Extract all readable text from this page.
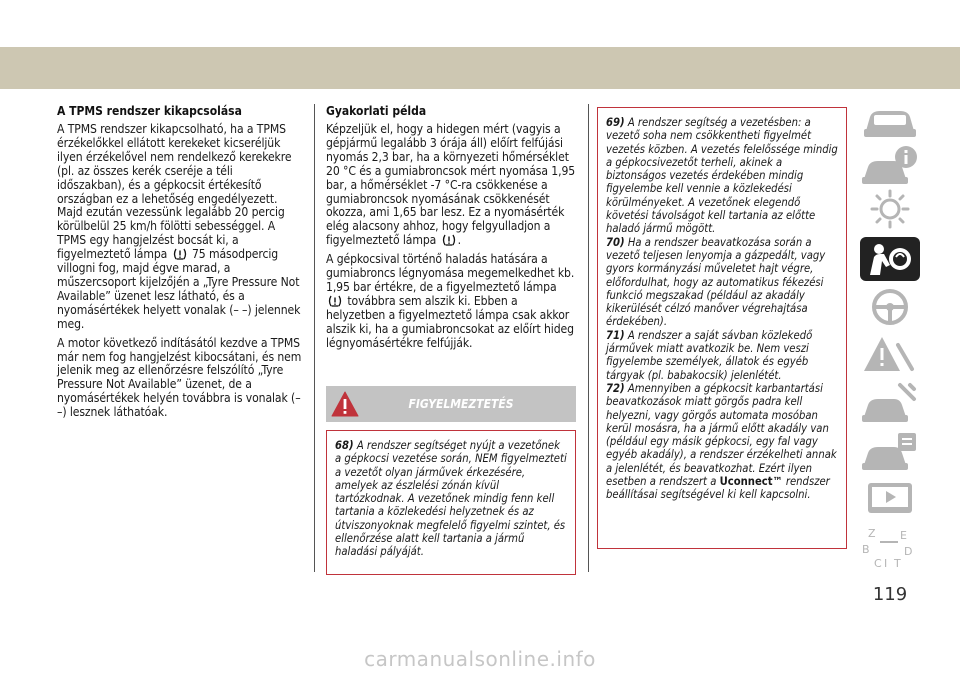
A TPMS rendszer kikapcsolása

A TPMS rendszer kikapcsolható, ha a TPMS érzékelőkkel ellátott kerekeket kicseréljük ilyen érzékelővel nem rendelkező kerekekre (pl. az összes kerék cseréje a téli időszakban), és a gépkocsit értékesítő országban ez a lehetőség engedélyezett. Majd ezután vezessünk legalább 20 percig körülbelül 25 km/h fölötti sebességgel. A TPMS egy hangjelzést bocsát ki, a figyelmeztető lámpa 75 másodpercig villogni fog, majd égve marad, a műszercsoport kijelzőjén a „Tyre Pressure Not Available” üzenet lesz látható, és a nyomásértékek helyett vonalak (– –) jelennek meg.

A motor következő indításától kezdve a TPMS már nem fog hangjelzést kibocsátani, és nem jelenik meg az ellenőrzésre felszólító „Tyre Pressure Not Available” üzenet, de a nyomásértékek helyén továbbra is vonalak (– –) lesznek láthatóak.

Gyakorlati példa

Képzeljük el, hogy a hidegen mért (vagyis a gépjármű legalább 3 órája áll) előírt felfújási nyomás 2,3 bar, ha a környezeti hőmérséklet 20 °C és a gumiabroncsok mért nyomása 1,95 bar, a hőmérséklet -7 °C-ra csökkenése a gumiabroncsok nyomásának csökkenését okozza, ami 1,65 bar lesz. Ez a nyomásérték elég alacsony ahhoz, hogy felgyulladjon a figyelmeztető lámpa .

A gépkocsival történő haladás hatására a gumiabroncs légnyomása megemelkedhet kb. 1,95 bar értékre, de a figyelmeztető lámpa  továbbra sem alszik ki. Ebben a helyzetben a figyelmeztető lámpa csak akkor alszik ki, ha a gumiabroncsokat az előírt hideg légnyomásértékre felfújják.

FIGYELMEZTETÉS

68) A rendszer segítséget nyújt a vezetőnek a gépkocsi vezetése során, NEM figyelmezteti a vezetőt olyan járművek érkezésére, amelyek az észlelési zónán kívül tartózkodnak. A vezetőnek mindig fenn kell tartania a közlekedési helyzetnek és az útviszonyoknak megfelelő figyelmi szintet, és ellenőrzése alatt kell tartania a jármű haladási pályáját.

69) A rendszer segítség a vezetésben: a vezető soha nem csökkentheti figyelmét vezetés közben. A vezetés felelőssége mindig a gépkocsivezetőt terheli, akinek a biztonságos vezetés érdekében mindig figyelembe kell vennie a közlekedési körülményeket. A vezetőnek elegendő követési távolságot kell tartania az előtte haladó jármű mögött.

70) Ha a rendszer beavatkozása során a vezető teljesen lenyomja a gázpedált, vagy gyors kormányzási műveletet hajt végre, előfordulhat, hogy az automatikus fékezési funkció megszakad (például az akadály kikerülését célzó manőver végrehajtása érdekében).

71) A rendszer a saját sávban közlekedő járművek miatt avatkozik be. Nem veszi figyelembe személyek, állatok és egyéb tárgyak (pl. babakocsik) jelenlétét.

72) Amennyiben a gépkocsit karbantartási beavatkozások miatt görgős padra kell helyezni, vagy görgős automata mosóban kerül mosásra, ha a jármű előtt akadály van (például egy másik gépkocsi, egy fal vagy egyéb akadály), a rendszer érzékelheti annak a jelenlétét, és beavatkozhat. Ezért ilyen esetben a rendszert a Uconnect™ rendszer beállításai segítségével ki kell kapcsolni.

Z E
B	D
C I T
119
carmanualsonline.info
